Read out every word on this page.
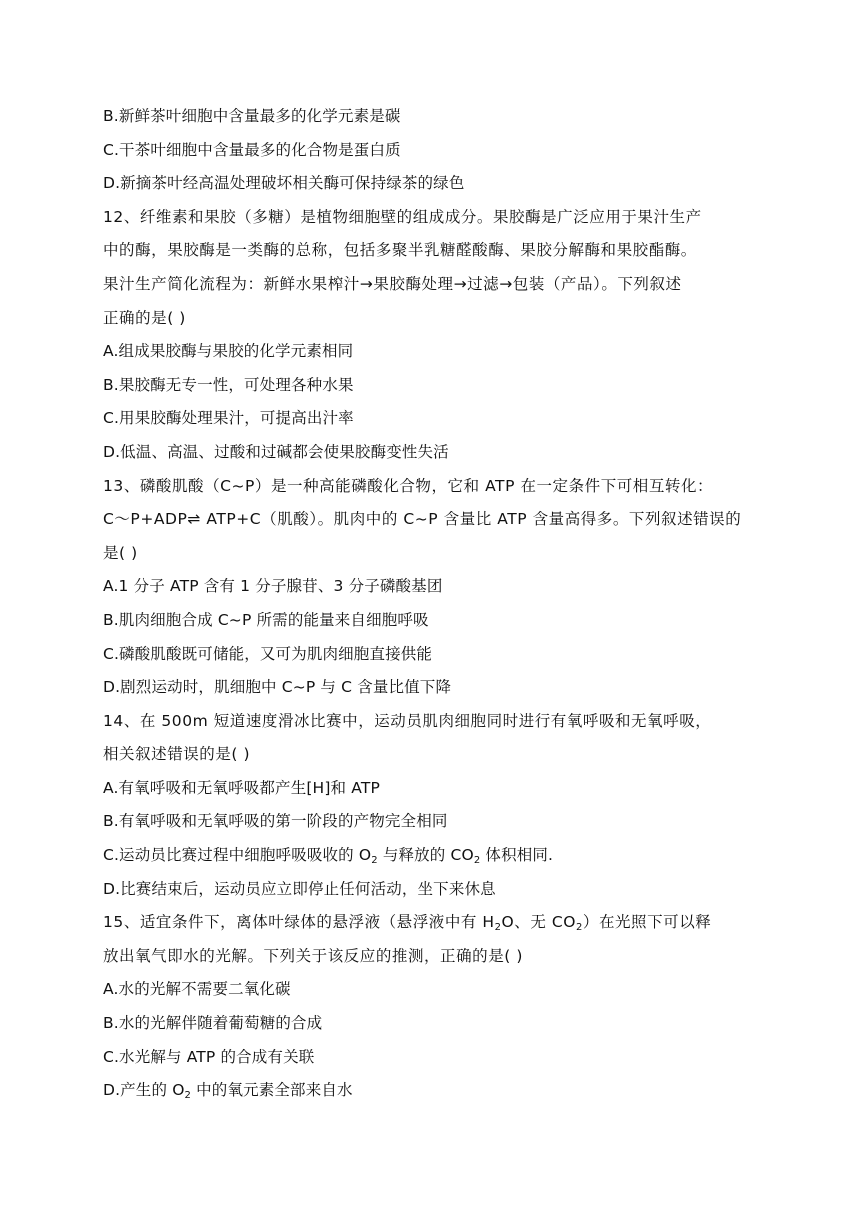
B.新鲜茶叶细胞中含量最多的化学元素是碳
C.干茶叶细胞中含量最多的化合物是蛋白质
D.新摘茶叶经高温处理破坏相关酶可保持绿茶的绿色
12、纤维素和果胶（多糖）是植物细胞壁的组成成分。果胶酶是广泛应用于果汁生产
中的酶，果胶酶是一类酶的总称，包括多聚半乳糖醛酸酶、果胶分解酶和果胶酯酶。
果汁生产简化流程为：新鲜水果榨汁→果胶酶处理→过滤→包装（产品）。下列叙述
正确的是( )
A.组成果胶酶与果胶的化学元素相同
B.果胶酶无专一性，可处理各种水果
C.用果胶酶处理果汁，可提高出汁率
D.低温、高温、过酸和过碱都会使果胶酶变性失活
13、磷酸肌酸（C~P）是一种高能磷酸化合物，它和 ATP 在一定条件下可相互转化：
C～P+ADP⇌ ATP+C（肌酸）。肌肉中的 C~P 含量比 ATP 含量高得多。下列叙述错误的
是( )
A.1 分子 ATP 含有 1 分子腺苷、3 分子磷酸基团
B.肌肉细胞合成 C~P 所需的能量来自细胞呼吸
C.磷酸肌酸既可储能，又可为肌肉细胞直接供能
D.剧烈运动时，肌细胞中 C~P 与 C 含量比值下降
14、在 500m 短道速度滑冰比赛中，运动员肌肉细胞同时进行有氧呼吸和无氧呼吸，
相关叙述错误的是( )
A.有氧呼吸和无氧呼吸都产生[H]和 ATP
B.有氧呼吸和无氧呼吸的第一阶段的产物完全相同
C.运动员比赛过程中细胞呼吸吸收的 $O_2$ 与释放的 $CO_2$ 体积相同.
D.比赛结束后，运动员应立即停止任何活动，坐下来休息
15、适宜条件下，离体叶绿体的悬浮液（悬浮液中有 $H_2O$、无 $CO_2$）在光照下可以释
放出氧气即水的光解。下列关于该反应的推测，正确的是( )
A.水的光解不需要二氧化碳
B.水的光解伴随着葡萄糖的合成
C.水光解与 ATP 的合成有关联
D.产生的 $O_2$ 中的氧元素全部来自水
